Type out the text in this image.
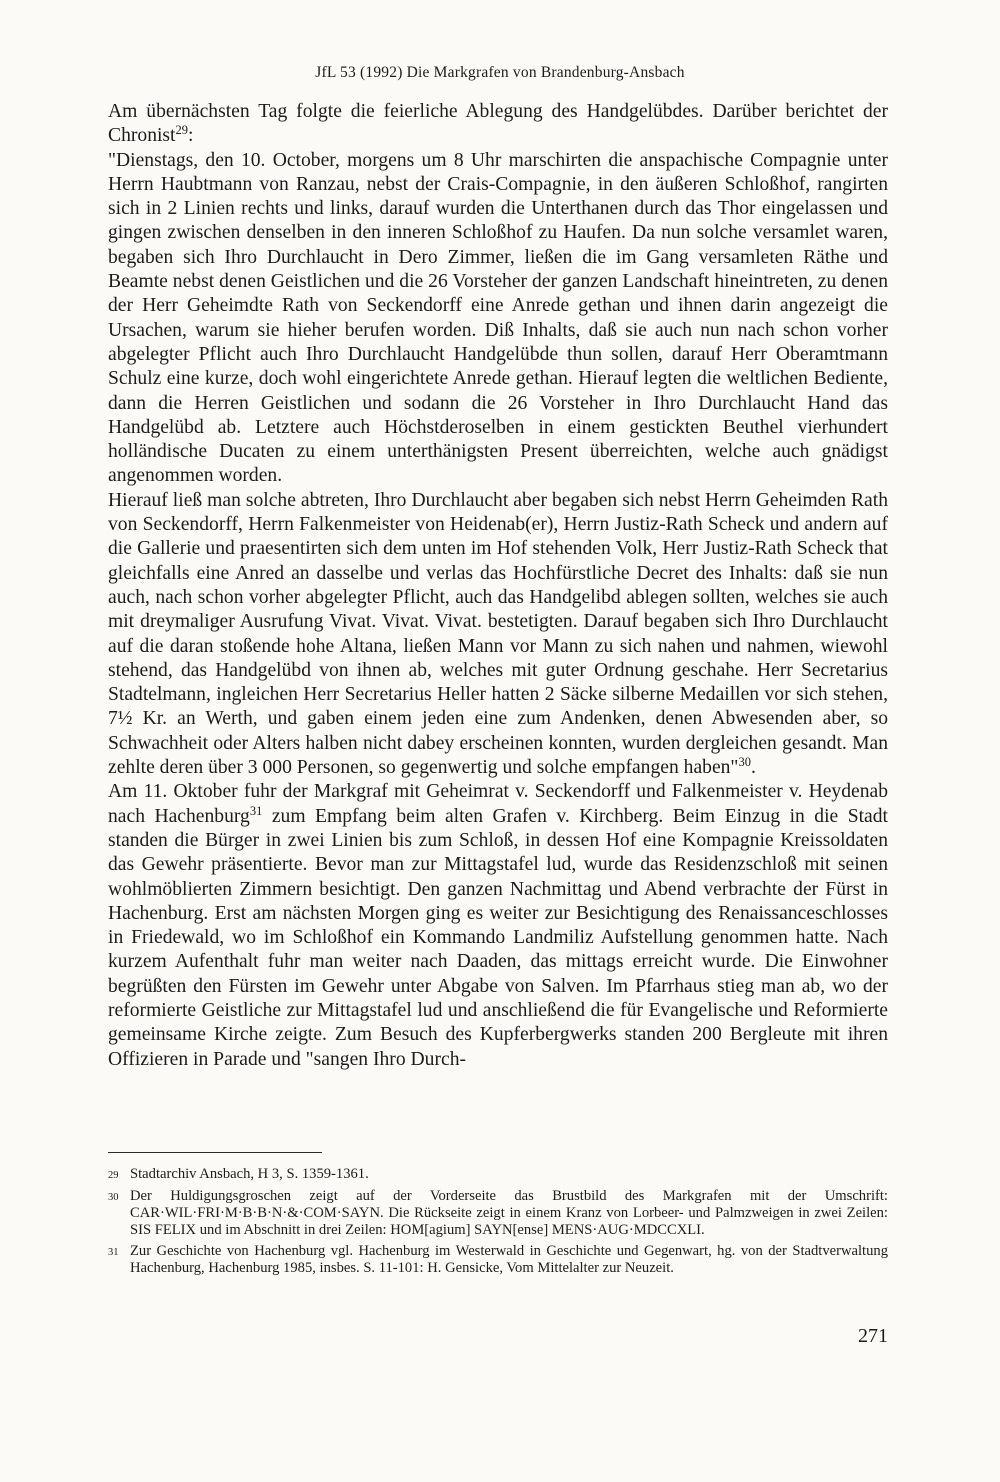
JfL 53 (1992) Die Markgrafen von Brandenburg-Ansbach

Am übernächsten Tag folgte die feierliche Ablegung des Handgelübdes. Darüber berichtet der Chronist$^{29}$:

"Dienstags, den 10. October, morgens um 8 Uhr marschirten die anspachische Compagnie unter Herrn Haubtmann von Ranzau, nebst der Crais-Compagnie, in den äußeren Schloßhof, rangirten sich in 2 Linien rechts und links, darauf wurden die Unterthanen durch das Thor eingelassen und gingen zwischen denselben in den inneren Schloßhof zu Haufen. Da nun solche versamlet waren, begaben sich Ihro Durchlaucht in Dero Zimmer, ließen die im Gang versamleten Räthe und Beamte nebst denen Geistlichen und die 26 Vorsteher der ganzen Landschaft hineintreten, zu denen der Herr Geheimdte Rath von Seckendorff eine Anrede gethan und ihnen darin angezeigt die Ursachen, warum sie hieher berufen worden. Diß Inhalts, daß sie auch nun nach schon vorher abgelegter Pflicht auch Ihro Durchlaucht Handgelübde thun sollen, darauf Herr Oberamtmann Schulz eine kurze, doch wohl eingerichtete Anrede gethan. Hierauf legten die weltlichen Bediente, dann die Herren Geistlichen und sodann die 26 Vorsteher in Ihro Durchlaucht Hand das Handgelübd ab. Letztere auch Höchstderoselben in einem gestickten Beuthel vierhundert holländische Ducaten zu einem unterthänigsten Present überreichten, welche auch gnädigst angenommen worden.

Hierauf ließ man solche abtreten, Ihro Durchlaucht aber begaben sich nebst Herrn Geheimden Rath von Seckendorff, Herrn Falkenmeister von Heidenab(er), Herrn Justiz-Rath Scheck und andern auf die Gallerie und praesentirten sich dem unten im Hof stehenden Volk, Herr Justiz-Rath Scheck that gleichfalls eine Anred an dasselbe und verlas das Hochfürstliche Decret des Inhalts: daß sie nun auch, nach schon vorher abgelegter Pflicht, auch das Handgelibd ablegen sollten, welches sie auch mit dreymaliger Ausrufung Vivat. Vivat. Vivat. bestetigten. Darauf begaben sich Ihro Durchlaucht auf die daran stoßende hohe Altana, ließen Mann vor Mann zu sich nahen und nahmen, wiewohl stehend, das Handgelübd von ihnen ab, welches mit guter Ordnung geschahe. Herr Secretarius Stadtelmann, ingleichen Herr Secretarius Heller hatten 2 Säcke silberne Medaillen vor sich stehen, 7½ Kr. an Werth, und gaben einem jeden eine zum Andenken, denen Abwesenden aber, so Schwachheit oder Alters halben nicht dabey erscheinen konnten, wurden dergleichen gesandt. Man zehlte deren über 3 000 Personen, so gegenwertig und solche empfangen haben"$^{30}$.

Am 11. Oktober fuhr der Markgraf mit Geheimrat v. Seckendorff und Falkenmeister v. Heydenab nach Hachenburg$^{31}$ zum Empfang beim alten Grafen v. Kirchberg. Beim Einzug in die Stadt standen die Bürger in zwei Linien bis zum Schloß, in dessen Hof eine Kompagnie Kreissoldaten das Gewehr präsentierte. Bevor man zur Mittagstafel lud, wurde das Residenzschloß mit seinen wohlmöblierten Zimmern besichtigt. Den ganzen Nachmittag und Abend verbrachte der Fürst in Hachenburg. Erst am nächsten Morgen ging es weiter zur Besichtigung des Renaissanceschlosses in Friedewald, wo im Schloßhof ein Kommando Landmiliz Aufstellung genommen hatte. Nach kurzem Aufenthalt fuhr man weiter nach Daaden, das mittags erreicht wurde. Die Einwohner begrüßten den Fürsten im Gewehr unter Abgabe von Salven. Im Pfarrhaus stieg man ab, wo der reformierte Geistliche zur Mittagstafel lud und anschließend die für Evangelische und Reformierte gemeinsame Kirche zeigte. Zum Besuch des Kupferbergwerks standen 200 Bergleute mit ihren Offizieren in Parade und "sangen Ihro Durch-

29 Stadtarchiv Ansbach, H 3, S. 1359-1361.
30 Der Huldigungsgroschen zeigt auf der Vorderseite das Brustbild des Markgrafen mit der Umschrift: CAR·WIL·FRI·M·B·B·N·&·COM·SAYN. Die Rückseite zeigt in einem Kranz von Lorbeer- und Palmzweigen in zwei Zeilen: SIS FELIX und im Abschnitt in drei Zeilen: HOM[agium] SAYN[ense] MENS·AUG·MDCCXLI.
31 Zur Geschichte von Hachenburg vgl. Hachenburg im Westerwald in Geschichte und Gegenwart, hg. von der Stadtverwaltung Hachenburg, Hachenburg 1985, insbes. S. 11-101: H. Gensicke, Vom Mittelalter zur Neuzeit.
271
